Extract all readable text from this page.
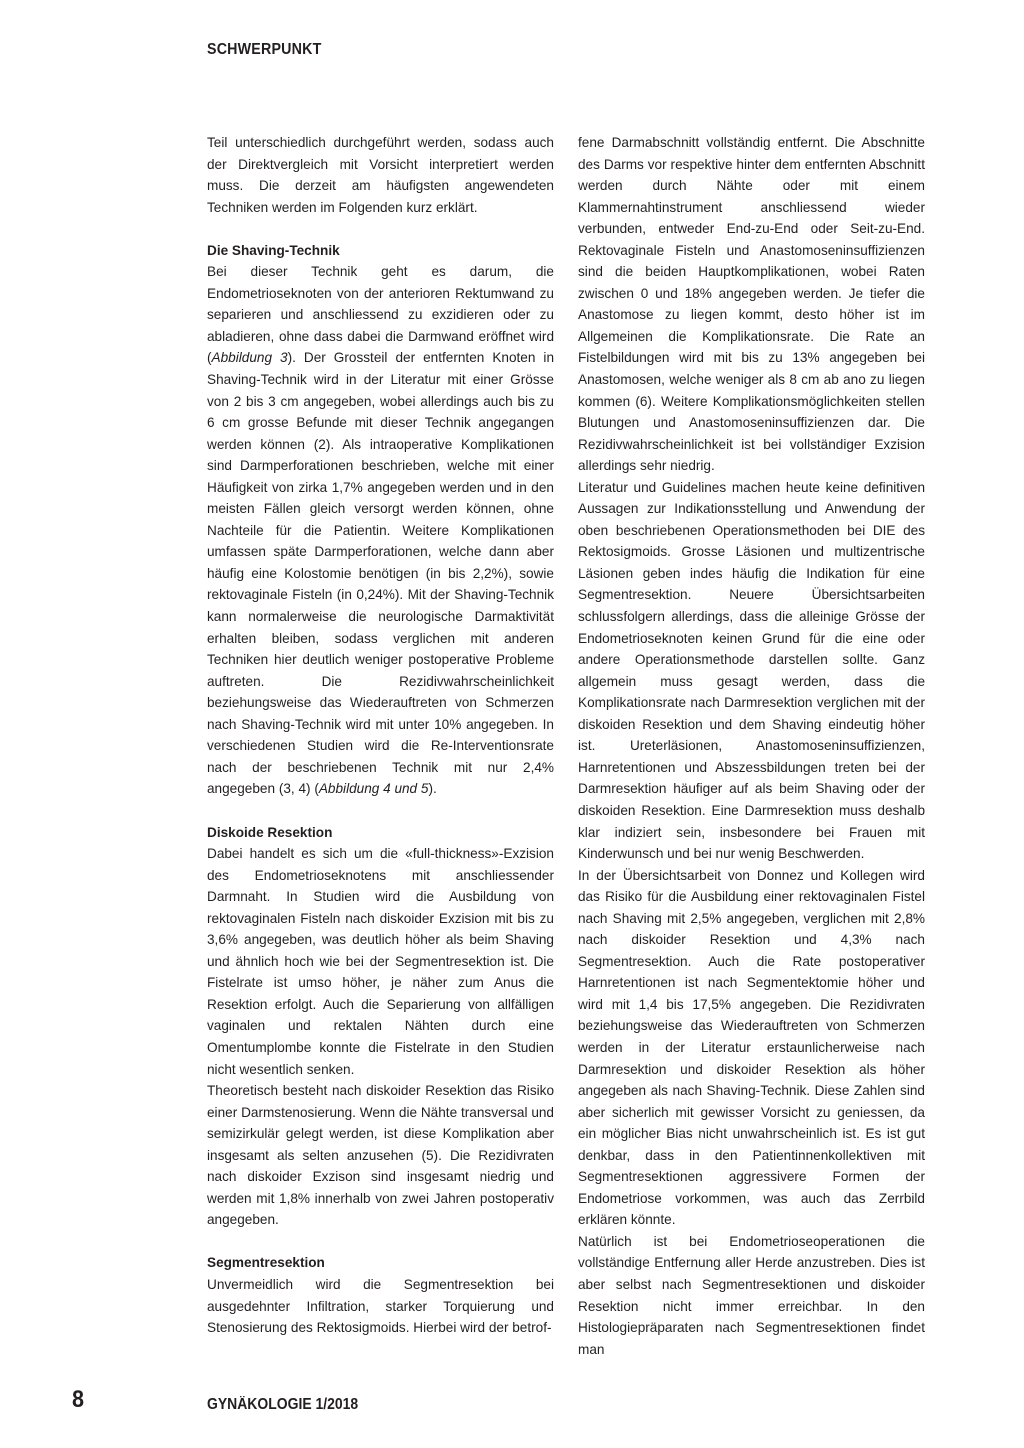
SCHWERPUNKT

Teil unterschiedlich durchgeführt werden, sodass auch der Direktvergleich mit Vorsicht interpretiert werden muss. Die derzeit am häufigsten angewendeten Techniken werden im Folgenden kurz erklärt.

Die Shaving-Technik

Bei dieser Technik geht es darum, die Endometrioseknoten von der anterioren Rektumwand zu separieren und anschliessend zu exzidieren oder zu abladieren, ohne dass dabei die Darmwand eröffnet wird (Abbildung 3). Der Grossteil der entfernten Knoten in Shaving-Technik wird in der Literatur mit einer Grösse von 2 bis 3 cm angegeben, wobei allerdings auch bis zu 6 cm grosse Befunde mit dieser Technik angegangen werden können (2). Als intraoperative Komplikationen sind Darmperforationen beschrieben, welche mit einer Häufigkeit von zirka 1,7% angegeben werden und in den meisten Fällen gleich versorgt werden können, ohne Nachteile für die Patientin. Weitere Komplikationen umfassen späte Darmperforationen, welche dann aber häufig eine Kolostomie benötigen (in bis 2,2%), sowie rektovaginale Fisteln (in 0,24%). Mit der Shaving-Technik kann normalerweise die neurologische Darmaktivität erhalten bleiben, sodass verglichen mit anderen Techniken hier deutlich weniger postoperative Probleme auftreten. Die Rezidivwahrscheinlichkeit beziehungsweise das Wiederauftreten von Schmerzen nach Shaving-Technik wird mit unter 10% angegeben. In verschiedenen Studien wird die Re-Interventionsrate nach der beschriebenen Technik mit nur 2,4% angegeben (3, 4) (Abbildung 4 und 5).

Diskoide Resektion

Dabei handelt es sich um die «full-thickness»-Exzision des Endometrioseknotens mit anschliessender Darmnaht. In Studien wird die Ausbildung von rektovaginalen Fisteln nach diskoider Exzision mit bis zu 3,6% angegeben, was deutlich höher als beim Shaving und ähnlich hoch wie bei der Segmentresektion ist. Die Fistelrate ist umso höher, je näher zum Anus die Resektion erfolgt. Auch die Separierung von allfälligen vaginalen und rektalen Nähten durch eine Omentumplombe konnte die Fistelrate in den Studien nicht wesentlich senken.

Theoretisch besteht nach diskoider Resektion das Risiko einer Darmstenosierung. Wenn die Nähte transversal und semizirkulär gelegt werden, ist diese Komplikation aber insgesamt als selten anzusehen (5). Die Rezidivraten nach diskoider Exzison sind insgesamt niedrig und werden mit 1,8% innerhalb von zwei Jahren postoperativ angegeben.

Segmentresektion

Unvermeidlich wird die Segmentresektion bei ausgedehnter Infiltration, starker Torquierung und Stenosierung des Rektosigmoids. Hierbei wird der betrof-

fene Darmabschnitt vollständig entfernt. Die Abschnitte des Darms vor respektive hinter dem entfernten Abschnitt werden durch Nähte oder mit einem Klammernahtinstrument anschliessend wieder verbunden, entweder End-zu-End oder Seit-zu-End. Rektovaginale Fisteln und Anastomoseninsuffizienzen sind die beiden Hauptkomplikationen, wobei Raten zwischen 0 und 18% angegeben werden. Je tiefer die Anastomose zu liegen kommt, desto höher ist im Allgemeinen die Komplikationsrate. Die Rate an Fistelbildungen wird mit bis zu 13% angegeben bei Anastomosen, welche weniger als 8 cm ab ano zu liegen kommen (6). Weitere Komplikationsmöglichkeiten stellen Blutungen und Anastomoseninsuffizienzen dar. Die Rezidivwahrscheinlichkeit ist bei vollständiger Exzision allerdings sehr niedrig.

Literatur und Guidelines machen heute keine definitiven Aussagen zur Indikationsstellung und Anwendung der oben beschriebenen Operationsmethoden bei DIE des Rektosigmoids. Grosse Läsionen und multizentrische Läsionen geben indes häufig die Indikation für eine Segmentresektion. Neuere Übersichtsarbeiten schlussfolgern allerdings, dass die alleinige Grösse der Endometrioseknoten keinen Grund für die eine oder andere Operationsmethode darstellen sollte. Ganz allgemein muss gesagt werden, dass die Komplikationsrate nach Darmresektion verglichen mit der diskoiden Resektion und dem Shaving eindeutig höher ist. Ureterläsionen, Anastomoseninsuffizienzen, Harnretentionen und Abszessbildungen treten bei der Darmresektion häufiger auf als beim Shaving oder der diskoiden Resektion. Eine Darmresektion muss deshalb klar indiziert sein, insbesondere bei Frauen mit Kinderwunsch und bei nur wenig Beschwerden.

In der Übersichtsarbeit von Donnez und Kollegen wird das Risiko für die Ausbildung einer rektovaginalen Fistel nach Shaving mit 2,5% angegeben, verglichen mit 2,8% nach diskoider Resektion und 4,3% nach Segmentresektion. Auch die Rate postoperativer Harnretentionen ist nach Segmentektomie höher und wird mit 1,4 bis 17,5% angegeben. Die Rezidivraten beziehungsweise das Wiederauftreten von Schmerzen werden in der Literatur erstaunlicherweise nach Darmresektion und diskoider Resektion als höher angegeben als nach Shaving-Technik. Diese Zahlen sind aber sicherlich mit gewisser Vorsicht zu geniessen, da ein möglicher Bias nicht unwahrscheinlich ist. Es ist gut denkbar, dass in den Patientinnenkollektiven mit Segmentresektionen aggressivere Formen der Endometriose vorkommen, was auch das Zerrbild erklären könnte.

Natürlich ist bei Endometrioseoperationen die vollständige Entfernung aller Herde anzustreben. Dies ist aber selbst nach Segmentresektionen und diskoider Resektion nicht immer erreichbar. In den Histologiepräparaten nach Segmentresektionen findet man

8	GYNÄKOLOGIE 1/2018
